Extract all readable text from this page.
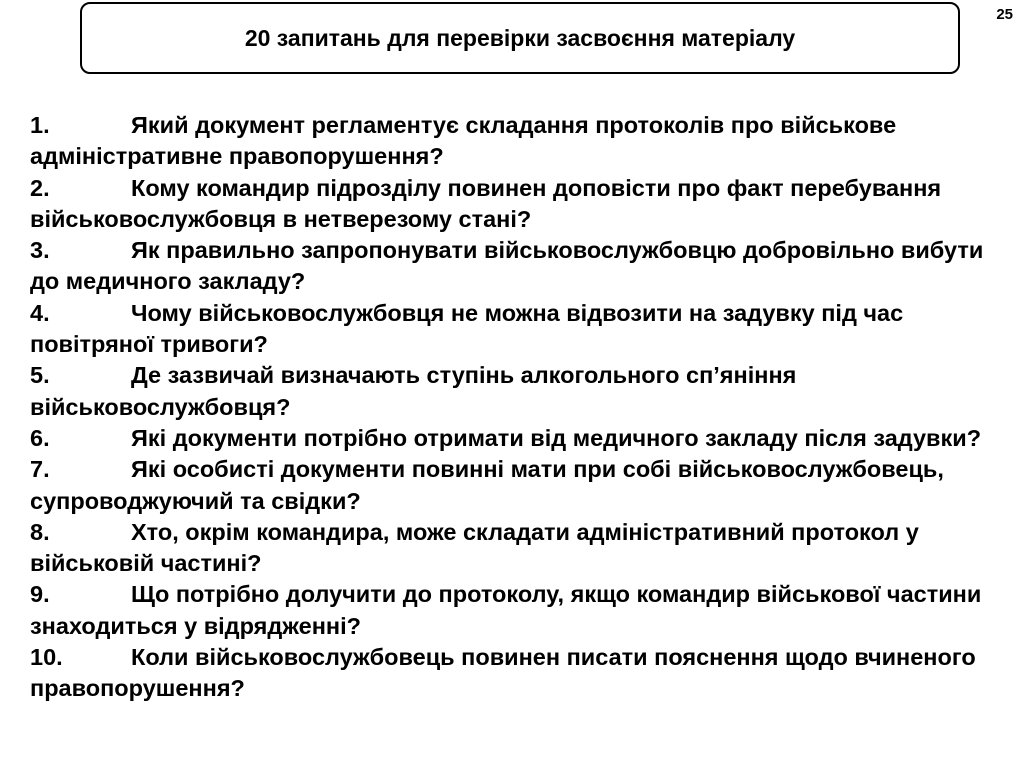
25
20 запитань для перевірки засвоєння матеріалу
1.	Який документ регламентує складання протоколів про військове адміністративне правопорушення?
2.	Кому командир підрозділу повинен доповісти про факт перебування військовослужбовця в нетверезому стані?
3.	Як правильно запропонувати військовослужбовцю добровільно вибути до медичного закладу?
4.	Чому військовослужбовця не можна відвозити на задувку під час повітряної тривоги?
5.	Де зазвичай визначають ступінь алкогольного сп’яніння військовослужбовця?
6.	Які документи потрібно отримати від медичного закладу після задувки?
7.	Які особисті документи повинні мати при собі військовослужбовець, супроводжуючий та свідки?
8.	Хто, окрім командира, може складати адміністративний протокол у військовій частині?
9.	Що потрібно долучити до протоколу, якщо командир військової частини знаходиться у відрядженні?
10.	Коли військовослужбовець повинен писати пояснення щодо вчиненого правопорушення?
